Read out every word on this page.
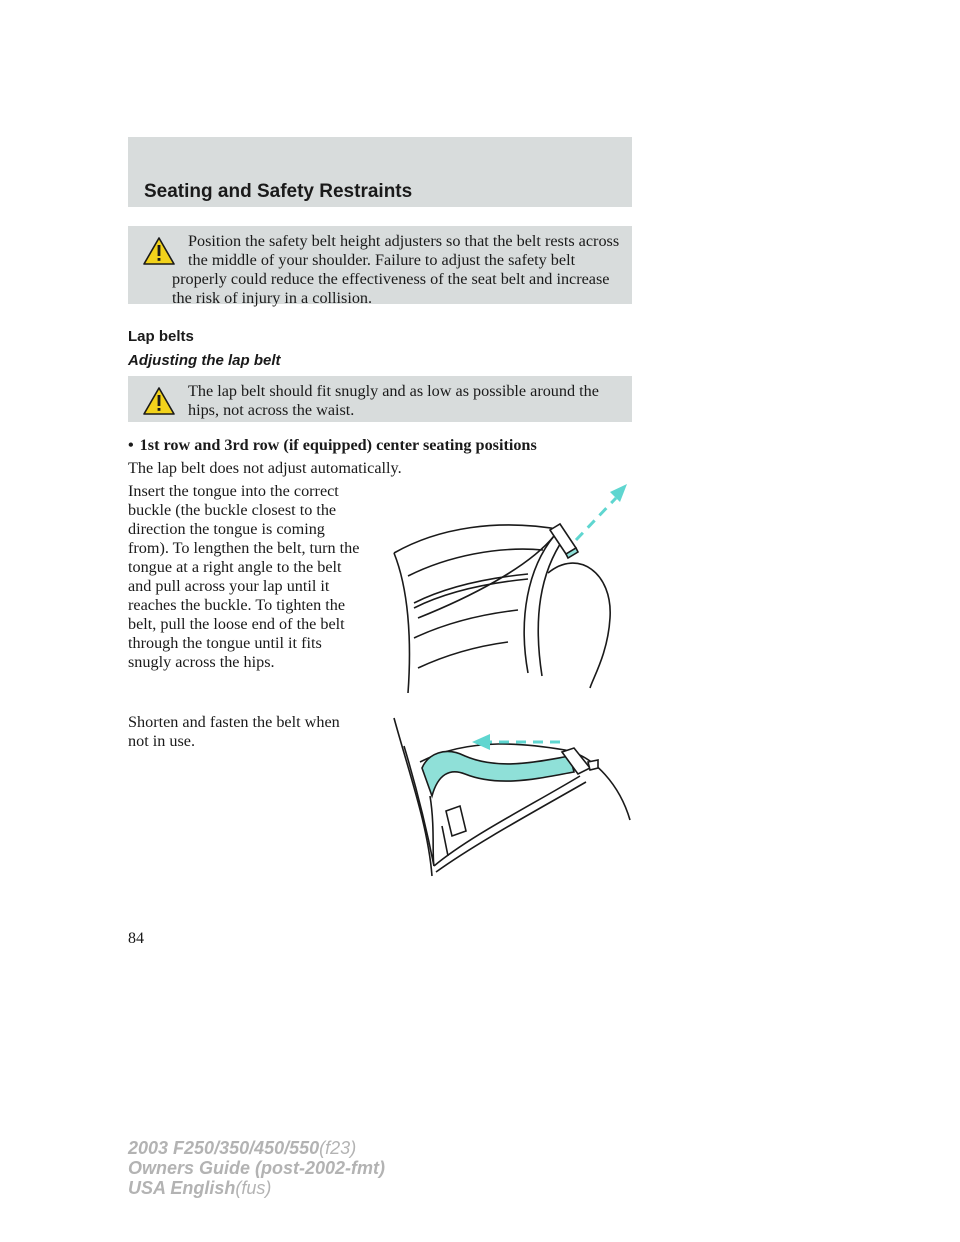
Seating and Safety Restraints

Position the safety belt height adjusters so that the belt rests across the middle of your shoulder. Failure to adjust the safety belt properly could reduce the effectiveness of the seat belt and increase the risk of injury in a collision.

Lap belts
Adjusting the lap belt

The lap belt should fit snugly and as low as possible around the hips, not across the waist.

• 1st row and 3rd row (if equipped) center seating positions

The lap belt does not adjust automatically.

Insert the tongue into the correct
buckle (the buckle closest to the
direction the tongue is coming
from). To lengthen the belt, turn the
tongue at a right angle to the belt
and pull across your lap until it
reaches the buckle. To tighten the
belt, pull the loose end of the belt
through the tongue until it fits
snugly across the hips.
Shorten and fasten the belt when
not in use.

84

2003 F250/350/450/550(f23)
Owners Guide (post-2002-fmt)
USA English(fus)
